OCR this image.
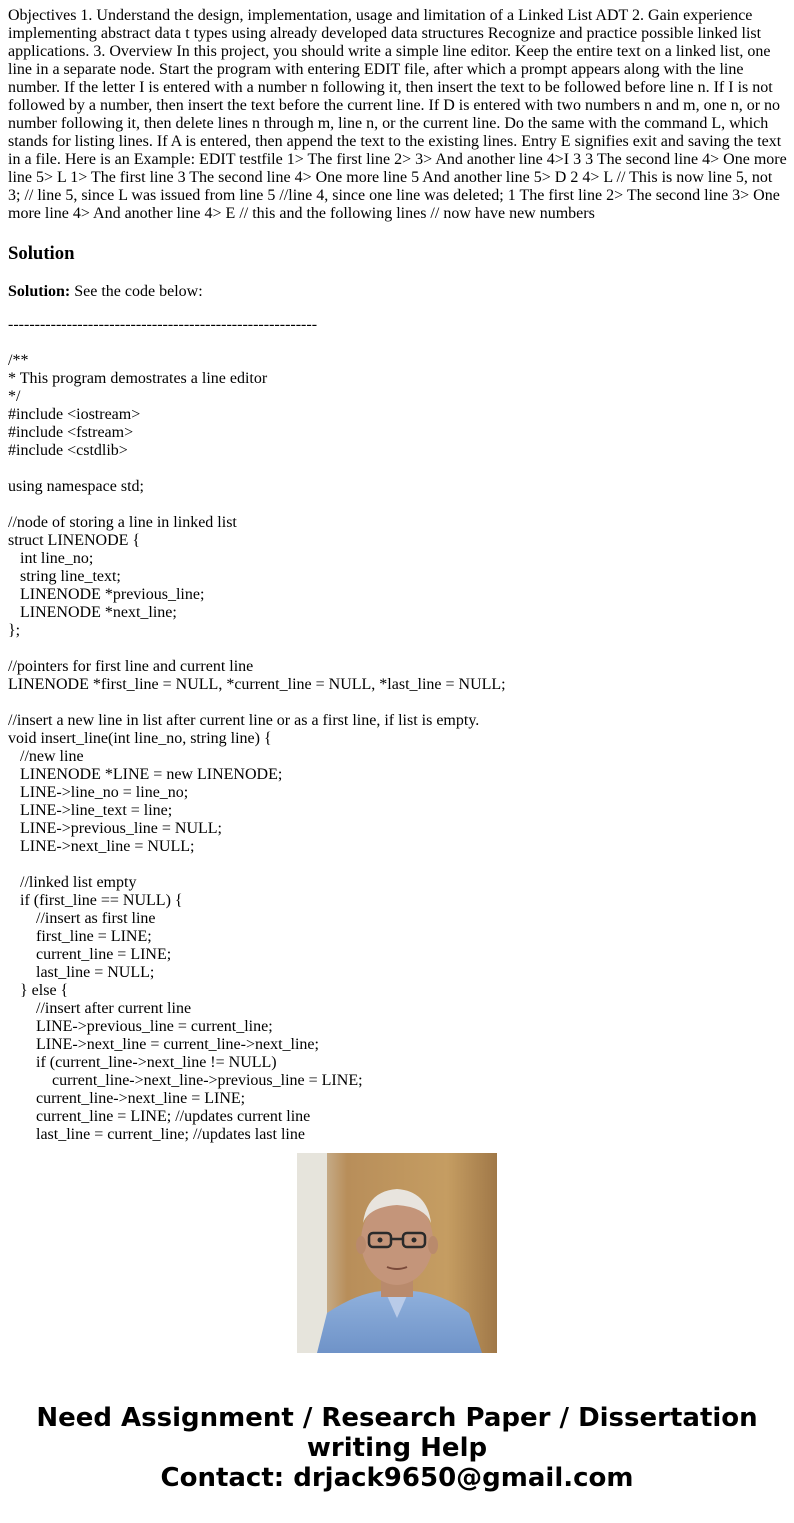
Objectives 1. Understand the design, implementation, usage and limitation of a Linked List ADT 2. Gain experience implementing abstract data t types using already developed data structures Recognize and practice possible linked list applications. 3. Overview In this project, you should write a simple line editor. Keep the entire text on a linked list, one line in a separate node. Start the program with entering EDIT file, after which a prompt appears along with the line number. If the letter I is entered with a number n following it, then insert the text to be followed before line n. If I is not followed by a number, then insert the text before the current line. If D is entered with two numbers n and m, one n, or no number following it, then delete lines n through m, line n, or the current line. Do the same with the command L, which stands for listing lines. If A is entered, then append the text to the existing lines. Entry E signifies exit and saving the text in a file. Here is an Example: EDIT testfile 1> The first line 2> 3> And another line 4>I 3 3 The second line 4> One more line 5> L 1> The first line 3 The second line 4> One more line 5 And another line 5> D 2 4> L // This is now line 5, not 3; // line 5, since L was issued from line 5 //line 4, since one line was deleted; 1 The first line 2> The second line 3> One more line 4> And another line 4> E // this and the following lines // now have new numbers

Solution

Solution: See the code below:

----------------------------------------------------------

/**
* This program demostrates a line editor
*/
#include <iostream>
#include <fstream>
#include <cstdlib>

using namespace std;

//node of storing a line in linked list
struct LINENODE {
int line_no;
string line_text;
LINENODE *previous_line;
LINENODE *next_line;
};

//pointers for first line and current line
LINENODE *first_line = NULL, *current_line = NULL, *last_line = NULL;

//insert a new line in list after current line or as a first line, if list is empty.
void insert_line(int line_no, string line) {
//new line
LINENODE *LINE = new LINENODE;
LINE->line_no = line_no;
LINE->line_text = line;
LINE->previous_line = NULL;
LINE->next_line = NULL;

//linked list empty
if (first_line == NULL) {
//insert as first line
first_line = LINE;
current_line = LINE;
last_line = NULL;
} else {
//insert after current line
LINE->previous_line = current_line;
LINE->next_line = current_line->next_line;
if (current_line->next_line != NULL)
current_line->next_line->previous_line = LINE;
current_line->next_line = LINE;
current_line = LINE; //updates current line
last_line = current_line; //updates last line
Need Assignment / Research Paper / Dissertation
writing Help
Contact: drjack9650@gmail.com
